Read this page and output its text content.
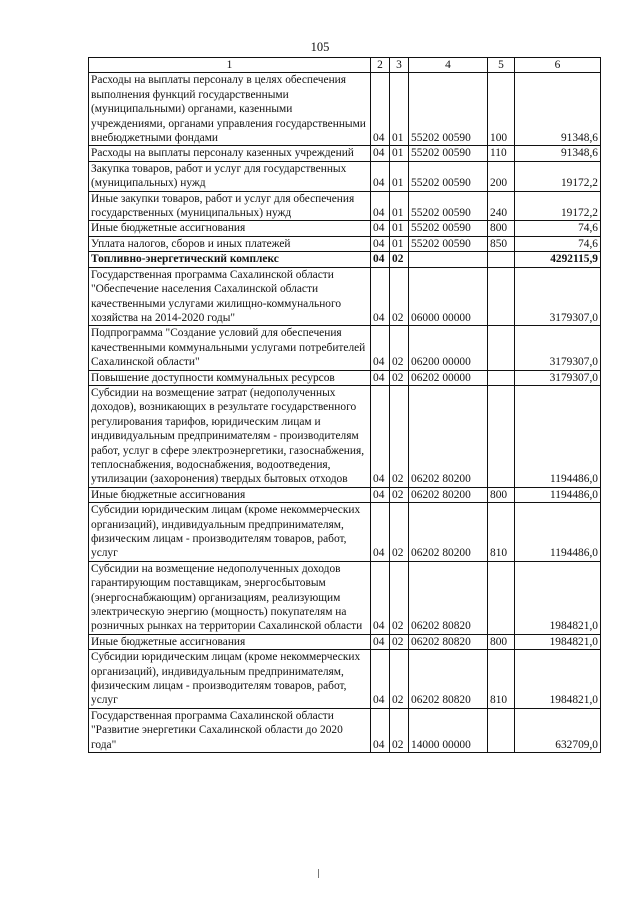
105
1	2	3	4	5	6
Расходы на выплаты персоналу в целях обеспечения выполнения функций государственными (муниципальными) органами, казенными учреждениями, органами управления государственными внебюджетными фондами	04	01	55202 00590	100	91348,6
Расходы на выплаты персоналу казенных учреждений	04	01	55202 00590	110	91348,6
Закупка товаров, работ и услуг для государственных (муниципальных) нужд	04	01	55202 00590	200	19172,2
Иные закупки товаров, работ и услуг для обеспечения государственных (муниципальных) нужд	04	01	55202 00590	240	19172,2
Иные бюджетные ассигнования	04	01	55202 00590	800	74,6
Уплата налогов, сборов и иных платежей	04	01	55202 00590	850	74,6
Топливно-энергетический комплекс	04	02			4292115,9
Государственная программа Сахалинской области "Обеспечение населения Сахалинской области качественными услугами жилищно-коммунального хозяйства на 2014-2020 годы"	04	02	06000 00000		3179307,0
Подпрограмма "Создание условий для обеспечения качественными коммунальными услугами потребителей Сахалинской области"	04	02	06200 00000		3179307,0
Повышение доступности коммунальных ресурсов	04	02	06202 00000		3179307,0
Субсидии на возмещение затрат (недополученных доходов), возникающих в результате государственного регулирования тарифов, юридическим лицам и индивидуальным предпринимателям - производителям работ, услуг в сфере электроэнергетики, газоснабжения, теплоснабжения, водоснабжения, водоотведения, утилизации (захоронения) твердых бытовых отходов	04	02	06202 80200		1194486,0
Иные бюджетные ассигнования	04	02	06202 80200	800	1194486,0
Субсидии юридическим лицам (кроме некоммерческих организаций), индивидуальным предпринимателям, физическим лицам - производителям товаров, работ, услуг	04	02	06202 80200	810	1194486,0
Субсидии на возмещение недополученных доходов гарантирующим поставщикам, энергосбытовым (энергоснабжающим) организациям, реализующим электрическую энергию (мощность) покупателям на розничных рынках на территории Сахалинской области	04	02	06202 80820		1984821,0
Иные бюджетные ассигнования	04	02	06202 80820	800	1984821,0
Субсидии юридическим лицам (кроме некоммерческих организаций), индивидуальным предпринимателям, физическим лицам - производителям товаров, работ, услуг	04	02	06202 80820	810	1984821,0
Государственная программа Сахалинской области "Развитие энергетики Сахалинской области до 2020 года"	04	02	14000 00000		632709,0
